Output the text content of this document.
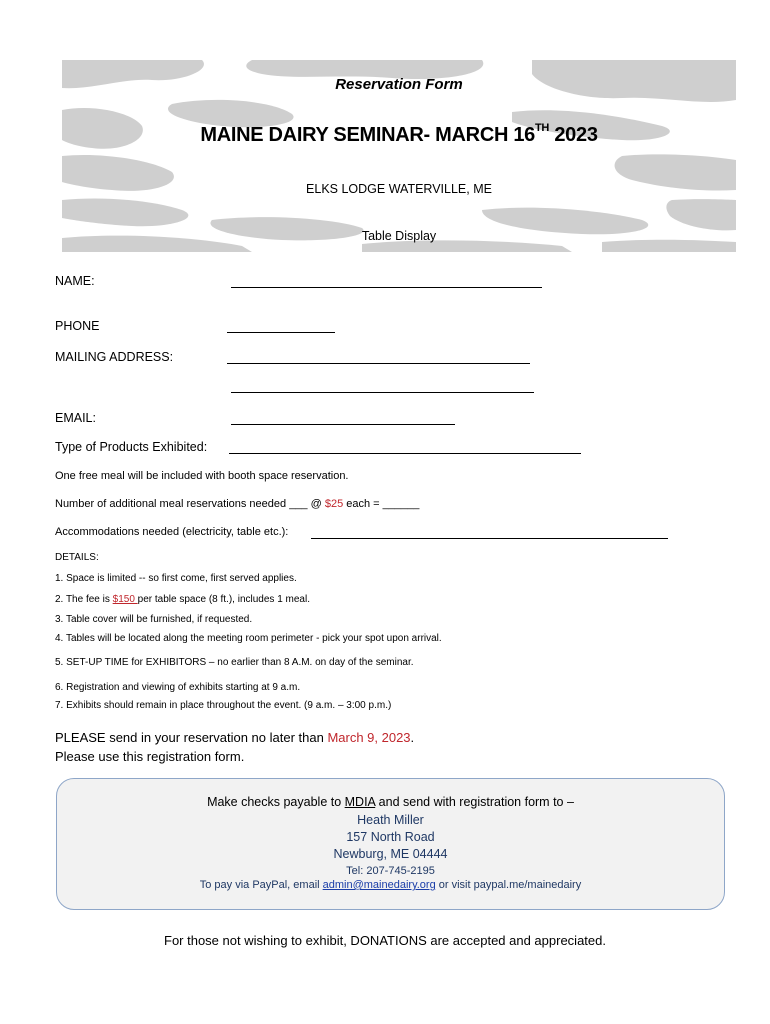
Reservation Form
MAINE DAIRY SEMINAR- MARCH 16TH 2023
ELKS LODGE WATERVILLE, ME
Table Display
NAME:
PHONE
MAILING ADDRESS:
EMAIL:
Type of Products Exhibited:
One free meal will be included with booth space reservation.
Number of additional meal reservations needed ___ @ $25 each = ______
Accommodations needed (electricity, table etc.):
DETAILS:
1. Space is limited -- so first come, first served applies.
2. The fee is $150 per table space (8 ft.), includes 1 meal.
3. Table cover will be furnished, if requested.
4. Tables will be located along the meeting room perimeter - pick your spot upon arrival.
5. SET-UP TIME for EXHIBITORS – no earlier than 8 A.M. on day of the seminar.
6. Registration and viewing of exhibits starting at 9 a.m.
7. Exhibits should remain in place throughout the event. (9 a.m. – 3:00 p.m.)
PLEASE send in your reservation no later than March 9, 2023.
Please use this registration form.
Make checks payable to MDIA and send with registration form to –
Heath Miller
157 North Road
Newburg, ME 04444
Tel: 207-745-2195
To pay via PayPal, email admin@mainedairy.org or visit paypal.me/mainedairy
For those not wishing to exhibit, DONATIONS are accepted and appreciated.
